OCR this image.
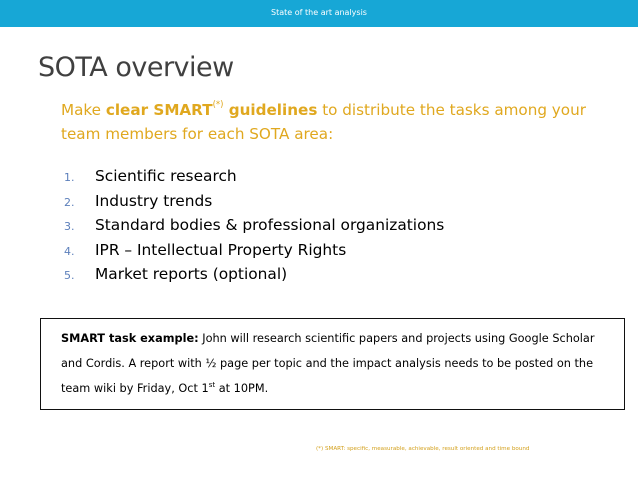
State of the art analysis
SOTA overview
Make clear SMART(*) guidelines to distribute the tasks among your team members for each SOTA area:
1. Scientific research
2. Industry trends
3. Standard bodies & professional organizations
4. IPR – Intellectual Property Rights
5. Market reports (optional)

SMART task example: John will research scientific papers and projects using Google Scholar and Cordis. A report with ½ page per topic and the impact analysis needs to be posted on the team wiki by Friday, Oct 1st at 10PM.

(*) SMART: specific, measurable, achievable, result oriented and time bound
